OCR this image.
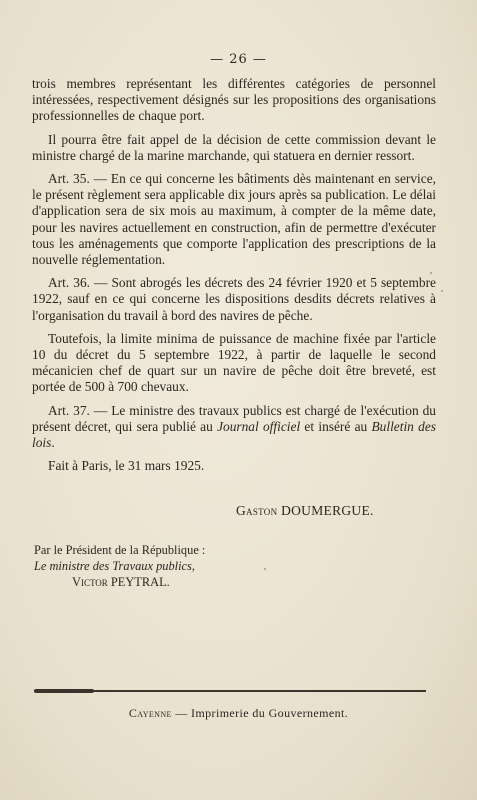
— 26 —

trois membres représentant les différentes catégories de personnel intéressées, respectivement désignés sur les propositions des organisations professionnelles de chaque port.

Il pourra être fait appel de la décision de cette commission devant le ministre chargé de la marine marchande, qui statuera en dernier ressort.

Art. 35. — En ce qui concerne les bâtiments dès maintenant en service, le présent règlement sera applicable dix jours après sa publication. Le délai d'application sera de six mois au maximum, à compter de la même date, pour les navires actuellement en construction, afin de permettre d'exécuter tous les aménagements que comporte l'application des prescriptions de la nouvelle réglementation.

Art. 36. — Sont abrogés les décrets des 24 février 1920 et 5 septembre 1922, sauf en ce qui concerne les dispositions desdits décrets relatives à l'organisation du travail à bord des navires de pêche.

Toutefois, la limite minima de puissance de machine fixée par l'article 10 du décret du 5 septembre 1922, à partir de laquelle le second mécanicien chef de quart sur un navire de pêche doit être breveté, est portée de 500 à 700 chevaux.

Art. 37. — Le ministre des travaux publics est chargé de l'exécution du présent décret, qui sera publié au Journal officiel et inséré au Bulletin des lois.

Fait à Paris, le 31 mars 1925.

Gaston DOUMERGUE.
Par le Président de la République :
Le ministre des Travaux publics,
Victor PEYTRAL.
Cayenne — Imprimerie du Gouvernement.
